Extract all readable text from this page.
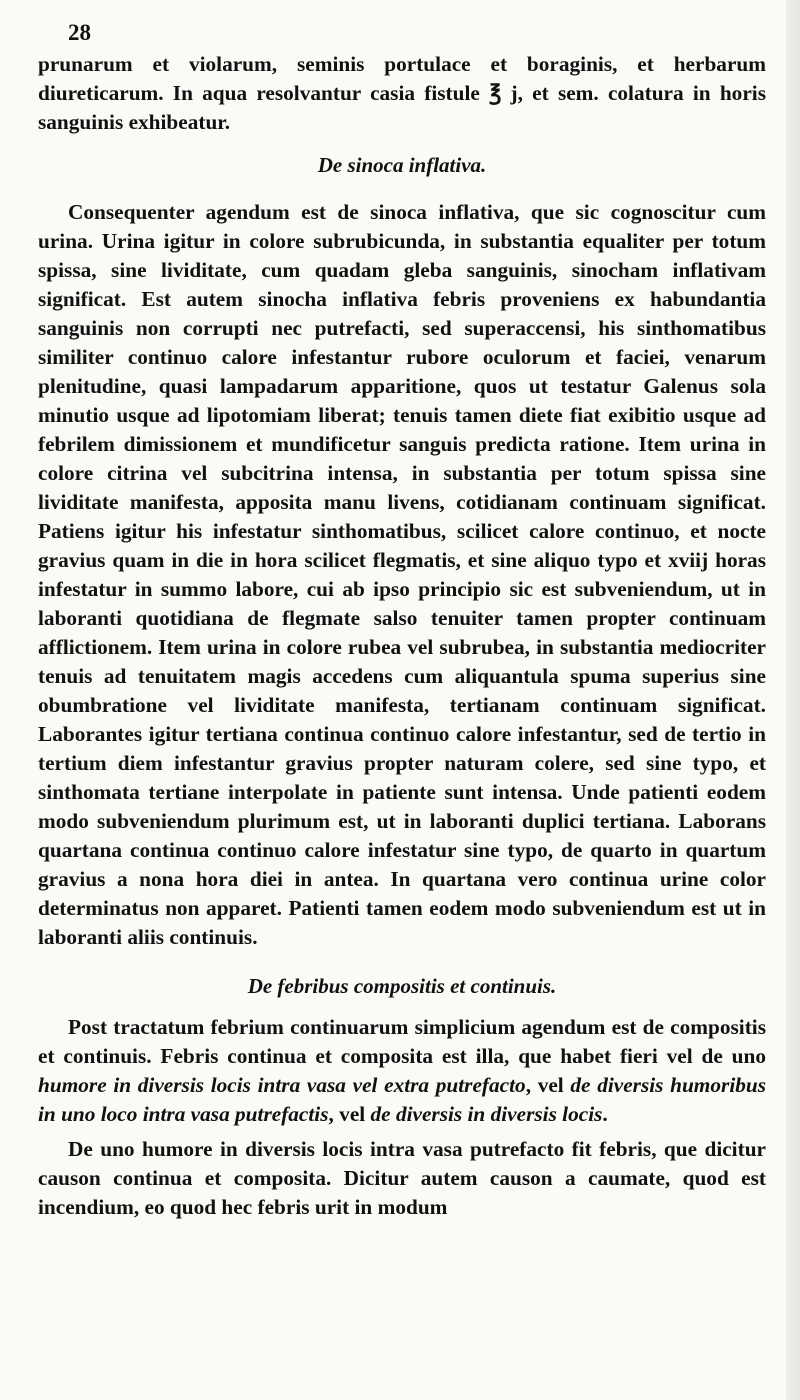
28

prunarum et violarum, seminis portulace et boraginis, et herbarum diureticarum. In aqua resolvantur casia fistule ℥ j, et sem. colatura in horis sanguinis exhibeatur.

De sinoca inflativa.

Consequenter agendum est de sinoca inflativa, que sic cognoscitur cum urina. Urina igitur in colore subrubicunda, in substantia equaliter per totum spissa, sine lividitate, cum quadam gleba sanguinis, sinocham inflativam significat. Est autem sinocha inflativa febris proveniens ex habundantia sanguinis non corrupti nec putrefacti, sed superaccensi, his sinthomatibus similiter continuo calore infestantur rubore oculorum et faciei, venarum plenitudine, quasi lampadarum apparitione, quos ut testatur Galenus sola minutio usque ad lipotomiam liberat; tenuis tamen diete fiat exibitio usque ad febrilem dimissionem et mundificetur sanguis predicta ratione. Item urina in colore citrina vel subcitrina intensa, in substantia per totum spissa sine lividitate manifesta, apposita manu livens, cotidianam continuam significat. Patiens igitur his infestatur sinthomatibus, scilicet calore continuo, et nocte gravius quam in die in hora scilicet flegmatis, et sine aliquo typo et xviij horas infestatur in summo labore, cui ab ipso principio sic est subveniendum, ut in laboranti quotidiana de flegmate salso tenuiter tamen propter continuam afflictionem. Item urina in colore rubea vel subrubea, in substantia mediocriter tenuis ad tenuitatem magis accedens cum aliquantula spuma superius sine obumbratione vel lividitate manifesta, tertianam continuam significat. Laborantes igitur tertiana continua continuo calore infestantur, sed de tertio in tertium diem infestantur gravius propter naturam colere, sed sine typo, et sinthomata tertiane interpolate in patiente sunt intensa. Unde patienti eodem modo subveniendum plurimum est, ut in laboranti duplici tertiana. Laborans quartana continua continuo calore infestatur sine typo, de quarto in quartum gravius a nona hora diei in antea. In quartana vero continua urine color determinatus non apparet. Patienti tamen eodem modo subveniendum est ut in laboranti aliis continuis.

De febribus compositis et continuis.

Post tractatum febrium continuarum simplicium agendum est de compositis et continuis. Febris continua et composita est illa, que habet fieri vel de uno humore in diversis locis intra vasa vel extra putrefacto, vel de diversis humoribus in uno loco intra vasa putrefactis, vel de diversis in diversis locis.

De uno humore in diversis locis intra vasa putrefacto fit febris, que dicitur causon continua et composita. Dicitur autem causon a caumate, quod est incendium, eo quod hec febris urit in modum
